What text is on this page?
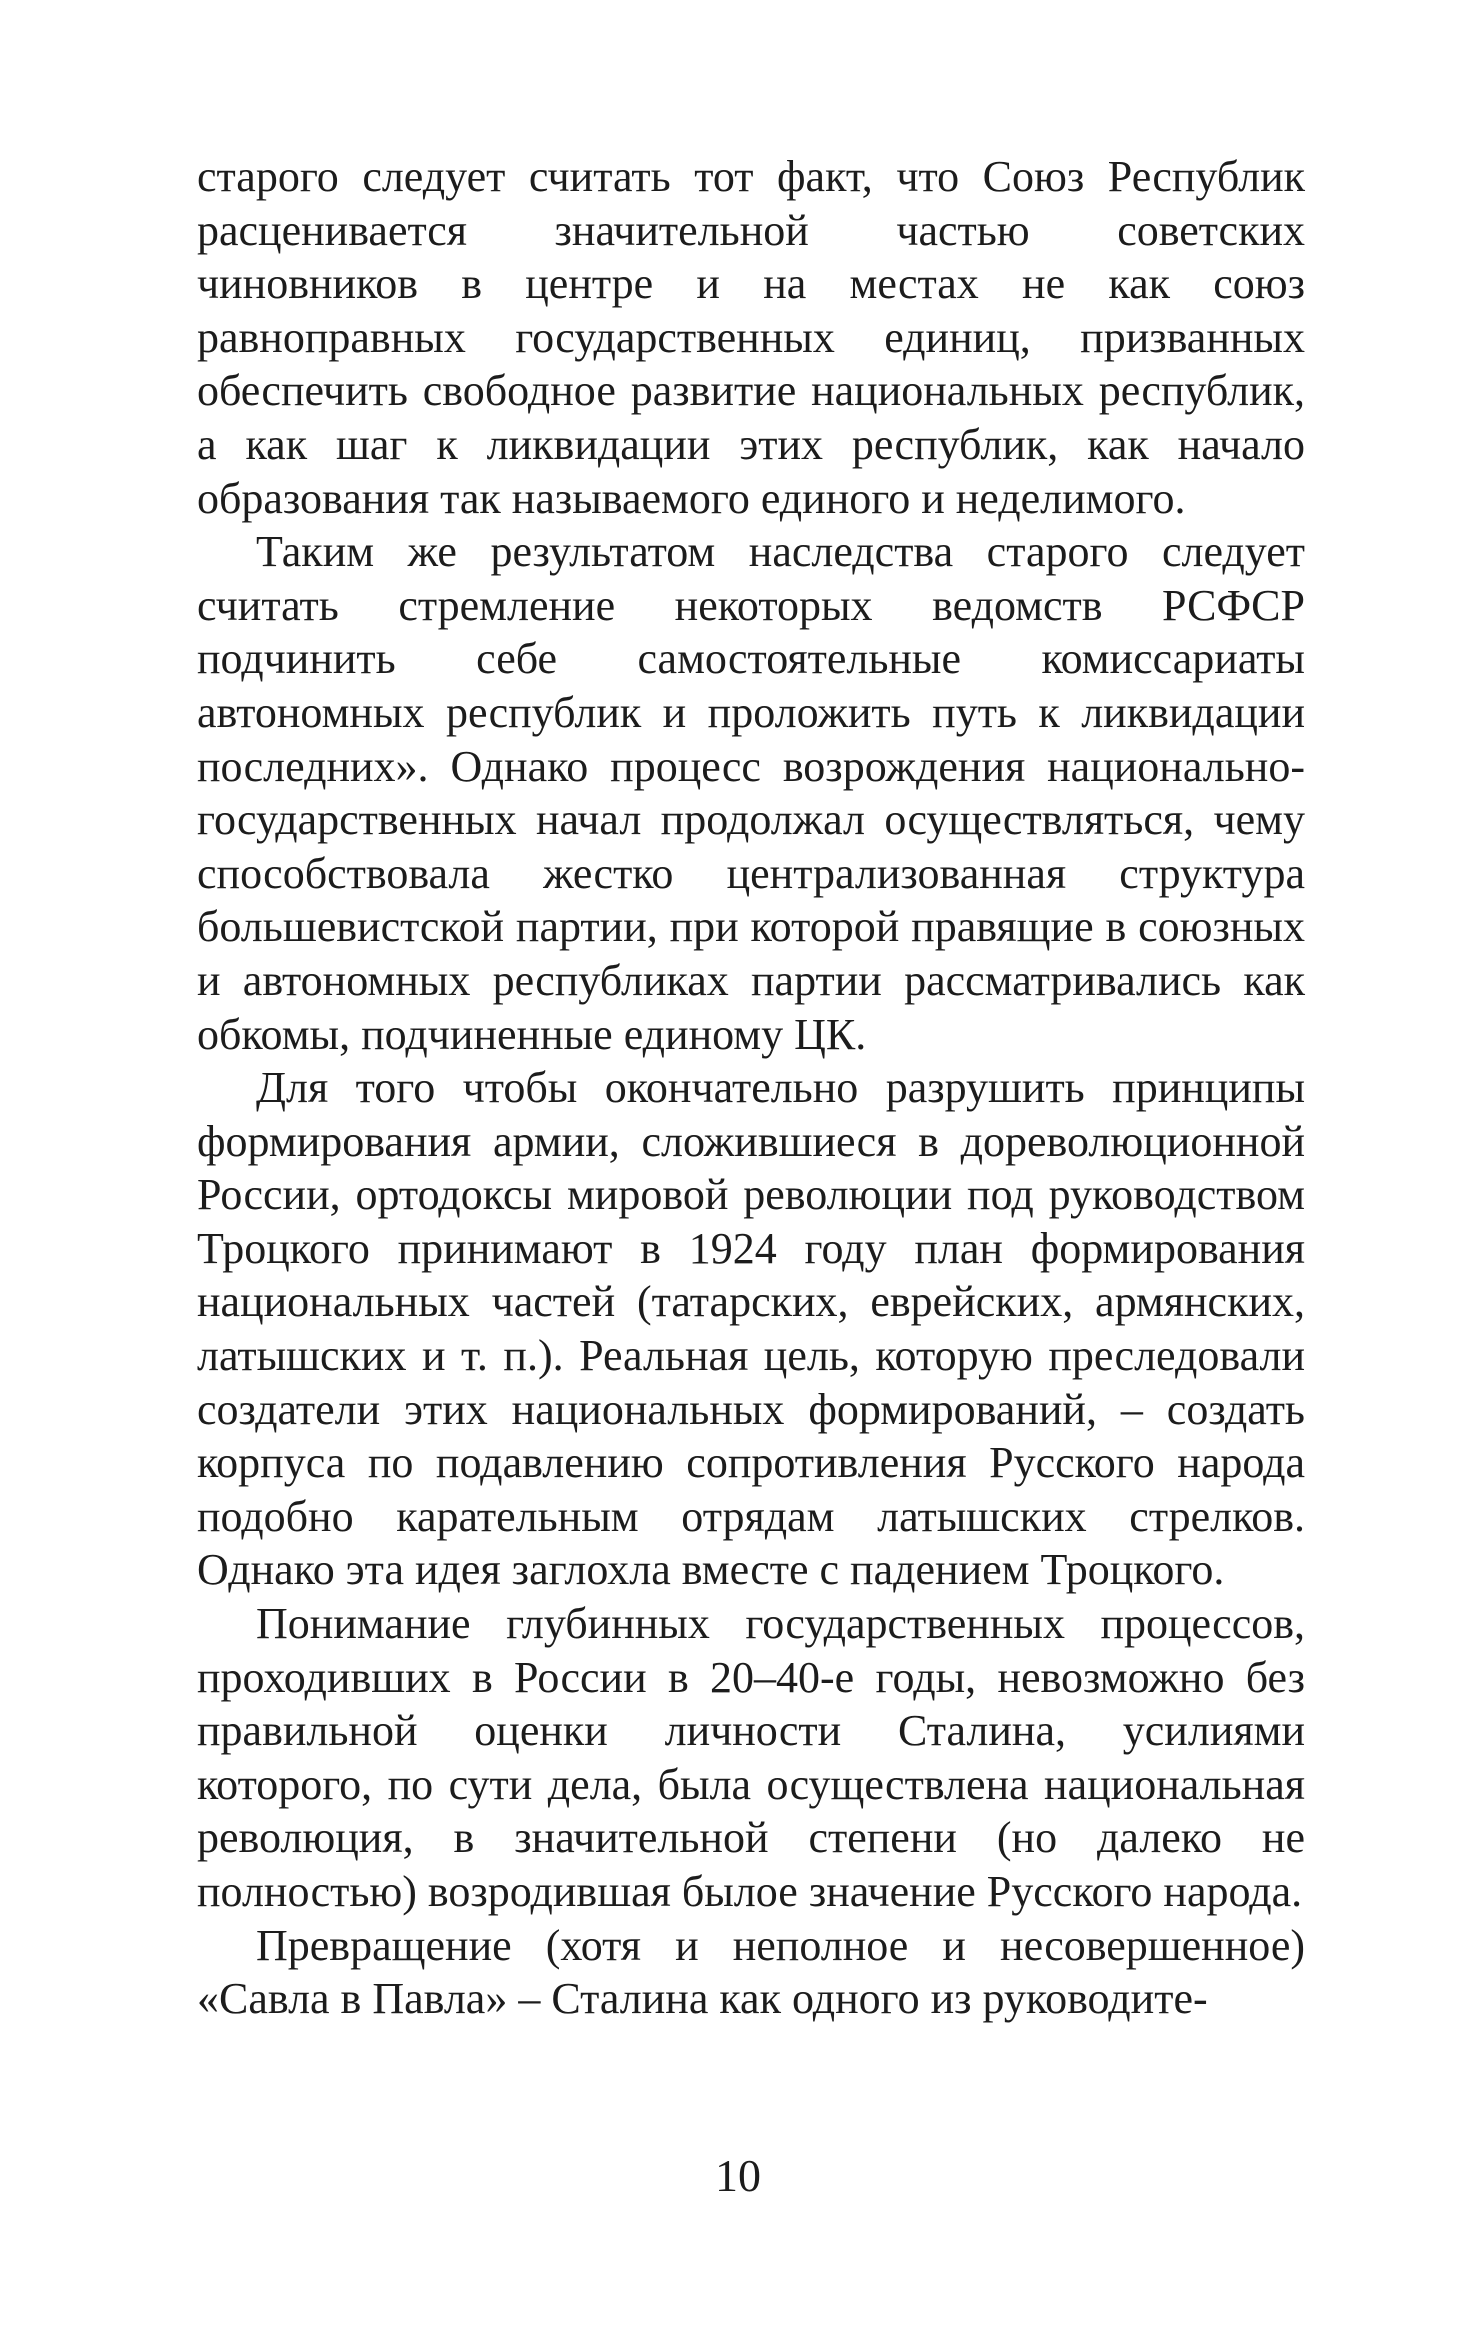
старого следует считать тот факт, что Союз Республик расценивается значительной частью советских чиновников в центре и на местах не как союз равноправных государственных единиц, призванных обеспечить свободное развитие национальных республик, а как шаг к ликвидации этих республик, как начало образования так называемого единого и неделимого.

Таким же результатом наследства старого следует считать стремление некоторых ведомств РСФСР подчинить себе самостоятельные комиссариаты автономных республик и проложить путь к ликвидации последних». Однако процесс возрождения национально-государственных начал продолжал осуществляться, чему способствовала жестко централизованная структура большевистской партии, при которой правящие в союзных и автономных республиках партии рассматривались как обкомы, подчиненные единому ЦК.

Для того чтобы окончательно разрушить принципы формирования армии, сложившиеся в дореволюционной России, ортодоксы мировой революции под руководством Троцкого принимают в 1924 году план формирования национальных частей (татарских, еврейских, армянских, латышских и т. п.). Реальная цель, которую преследовали создатели этих национальных формирований, – создать корпуса по подавлению сопротивления Русского народа подобно карательным отрядам латышских стрелков. Однако эта идея заглохла вместе с падением Троцкого.

Понимание глубинных государственных процессов, проходивших в России в 20–40-е годы, невозможно без правильной оценки личности Сталина, усилиями которого, по сути дела, была осуществлена национальная революция, в значительной степени (но далеко не полностью) возродившая былое значение Русского народа.

Превращение (хотя и неполное и несовершенное) «Савла в Павла» – Сталина как одного из руководите-

10
